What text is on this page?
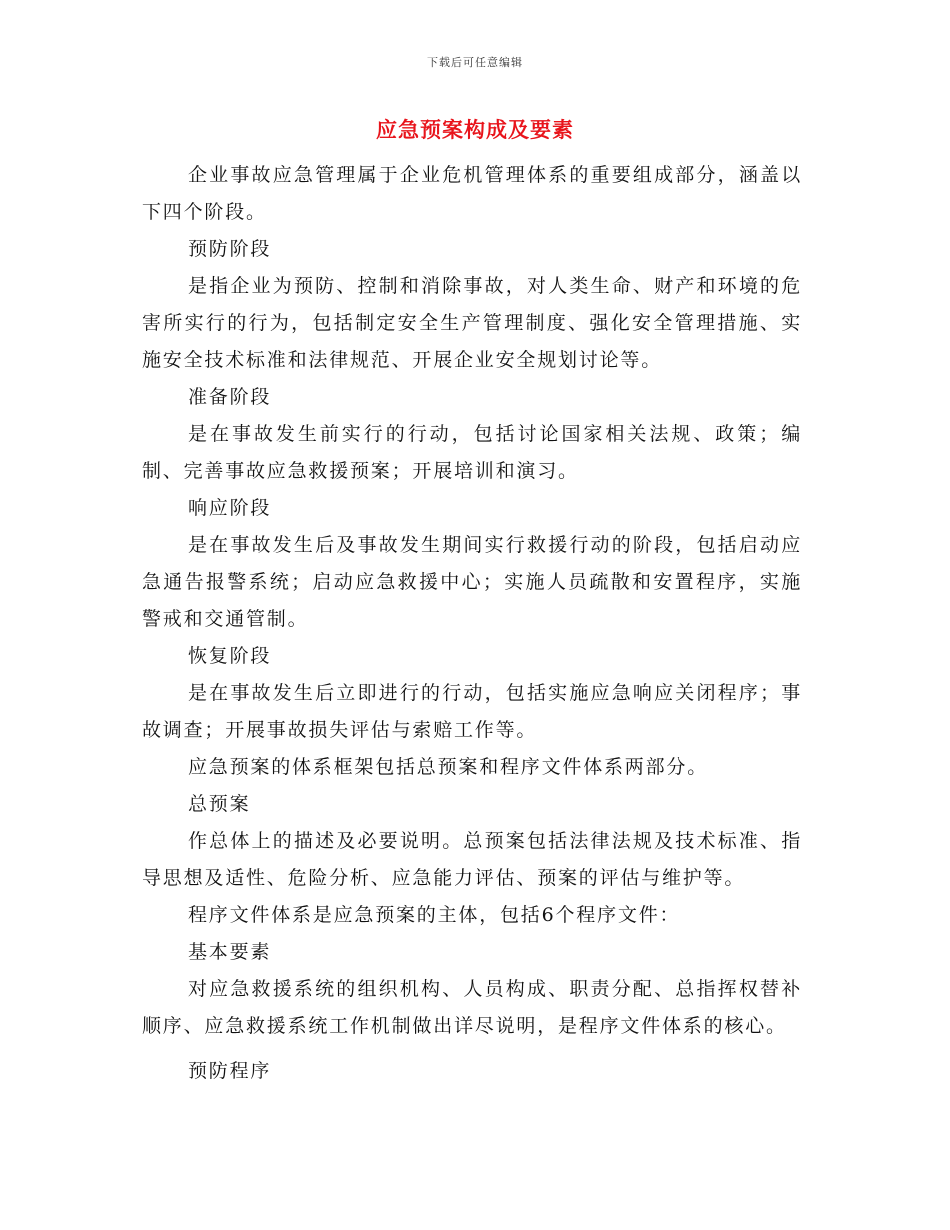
下载后可任意编辑
应急预案构成及要素

企业事故应急管理属于企业危机管理体系的重要组成部分，涵盖以下四个阶段。

预防阶段

是指企业为预防、控制和消除事故，对人类生命、财产和环境的危害所实行的行为，包括制定安全生产管理制度、强化安全管理措施、实施安全技术标准和法律规范、开展企业安全规划讨论等。

准备阶段

是在事故发生前实行的行动，包括讨论国家相关法规、政策；编制、完善事故应急救援预案；开展培训和演习。

响应阶段

是在事故发生后及事故发生期间实行救援行动的阶段，包括启动应急通告报警系统；启动应急救援中心；实施人员疏散和安置程序，实施警戒和交通管制。

恢复阶段

是在事故发生后立即进行的行动，包括实施应急响应关闭程序；事故调查；开展事故损失评估与索赔工作等。

应急预案的体系框架包括总预案和程序文件体系两部分。

总预案

作总体上的描述及必要说明。总预案包括法律法规及技术标准、指导思想及适性、危险分析、应急能力评估、预案的评估与维护等。

程序文件体系是应急预案的主体，包括6个程序文件：

基本要素

对应急救援系统的组织机构、人员构成、职责分配、总指挥权替补顺序、应急救援系统工作机制做出详尽说明，是程序文件体系的核心。

预防程序
